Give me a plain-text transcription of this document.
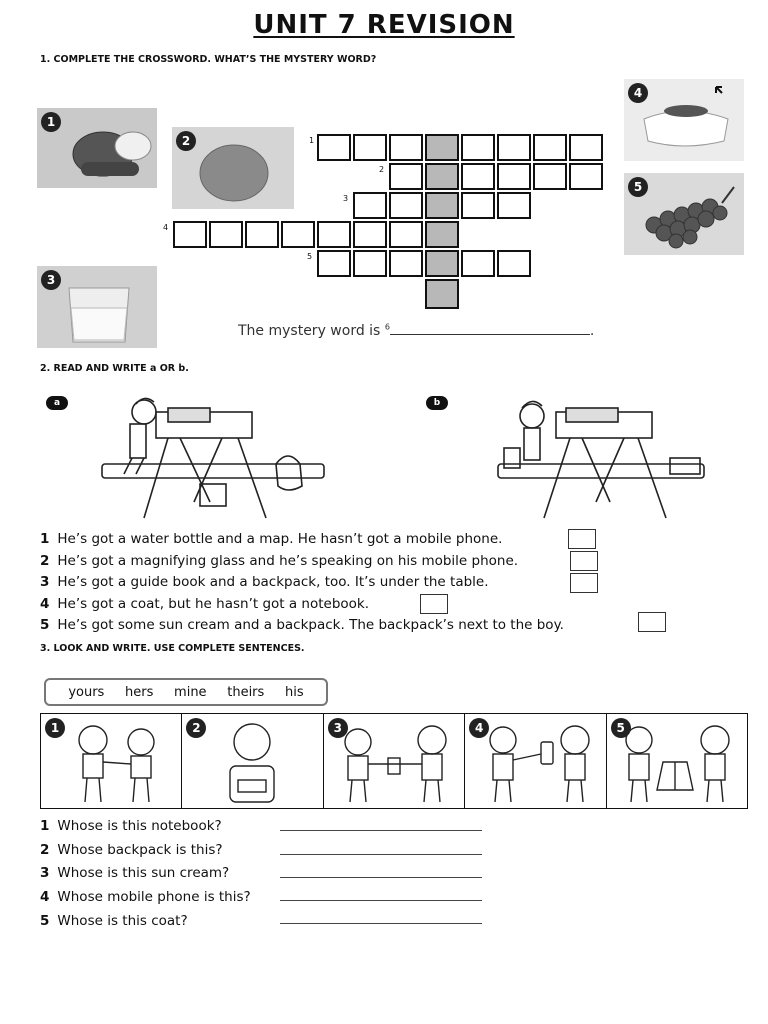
UNIT 7 REVISION
1. COMPLETE THE CROSSWORD. WHAT’S THE MYSTERY WORD?
1
2
3
4
5
1
2
3
4
5
The mystery word is $^6$	.
2. READ AND WRITE a OR b.
a	b
1 He’s got a water bottle and a map. He hasn’t got a mobile phone.
2 He’s got a magnifying glass and he’s speaking on his mobile phone.
3 He’s got a guide book and a backpack, too. It’s under the table.
4 He’s got a coat, but he hasn’t got a notebook.
5 He’s got some sun cream and a backpack. The backpack’s next to the boy.
3. LOOK AND WRITE. USE COMPLETE SENTENCES.
yours hers mine theirs his
1	2	3	4	5
1 Whose is this notebook?
2 Whose backpack is this?
3 Whose is this sun cream?
4 Whose mobile phone is this?
5 Whose is this coat?
